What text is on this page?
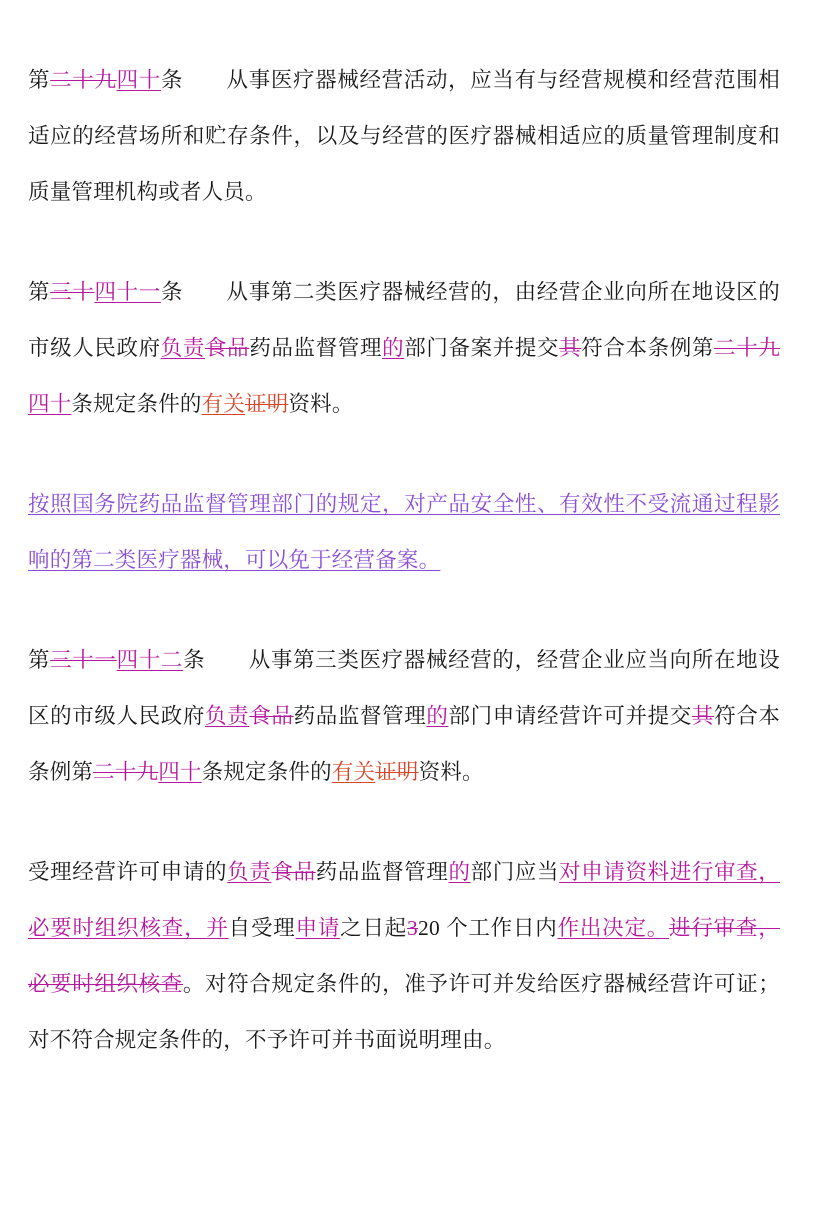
第二十九四十条 从事医疗器械经营活动，应当有与经营规模和经营范围相适应的经营场所和贮存条件，以及与经营的医疗器械相适应的质量管理制度和质量管理机构或者人员。

第三十四十一条 从事第二类医疗器械经营的，由经营企业向所在地设区的市级人民政府负责食品药品监督管理的部门备案并提交其符合本条例第二十九四十条规定条件的有关证明资料。

按照国务院药品监督管理部门的规定，对产品安全性、有效性不受流通过程影响的第二类医疗器械，可以免于经营备案。

第三十一四十二条 从事第三类医疗器械经营的，经营企业应当向所在地设区的市级人民政府负责食品药品监督管理的部门申请经营许可并提交其符合本条例第二十九四十条规定条件的有关证明资料。

受理经营许可申请的负责食品药品监督管理的部门应当对申请资料进行审查，必要时组织核查，并自受理申请之日起320 个工作日内作出决定。进行审查，必要时组织核查。对符合规定条件的，准予许可并发给医疗器械经营许可证；对不符合规定条件的，不予许可并书面说明理由。
